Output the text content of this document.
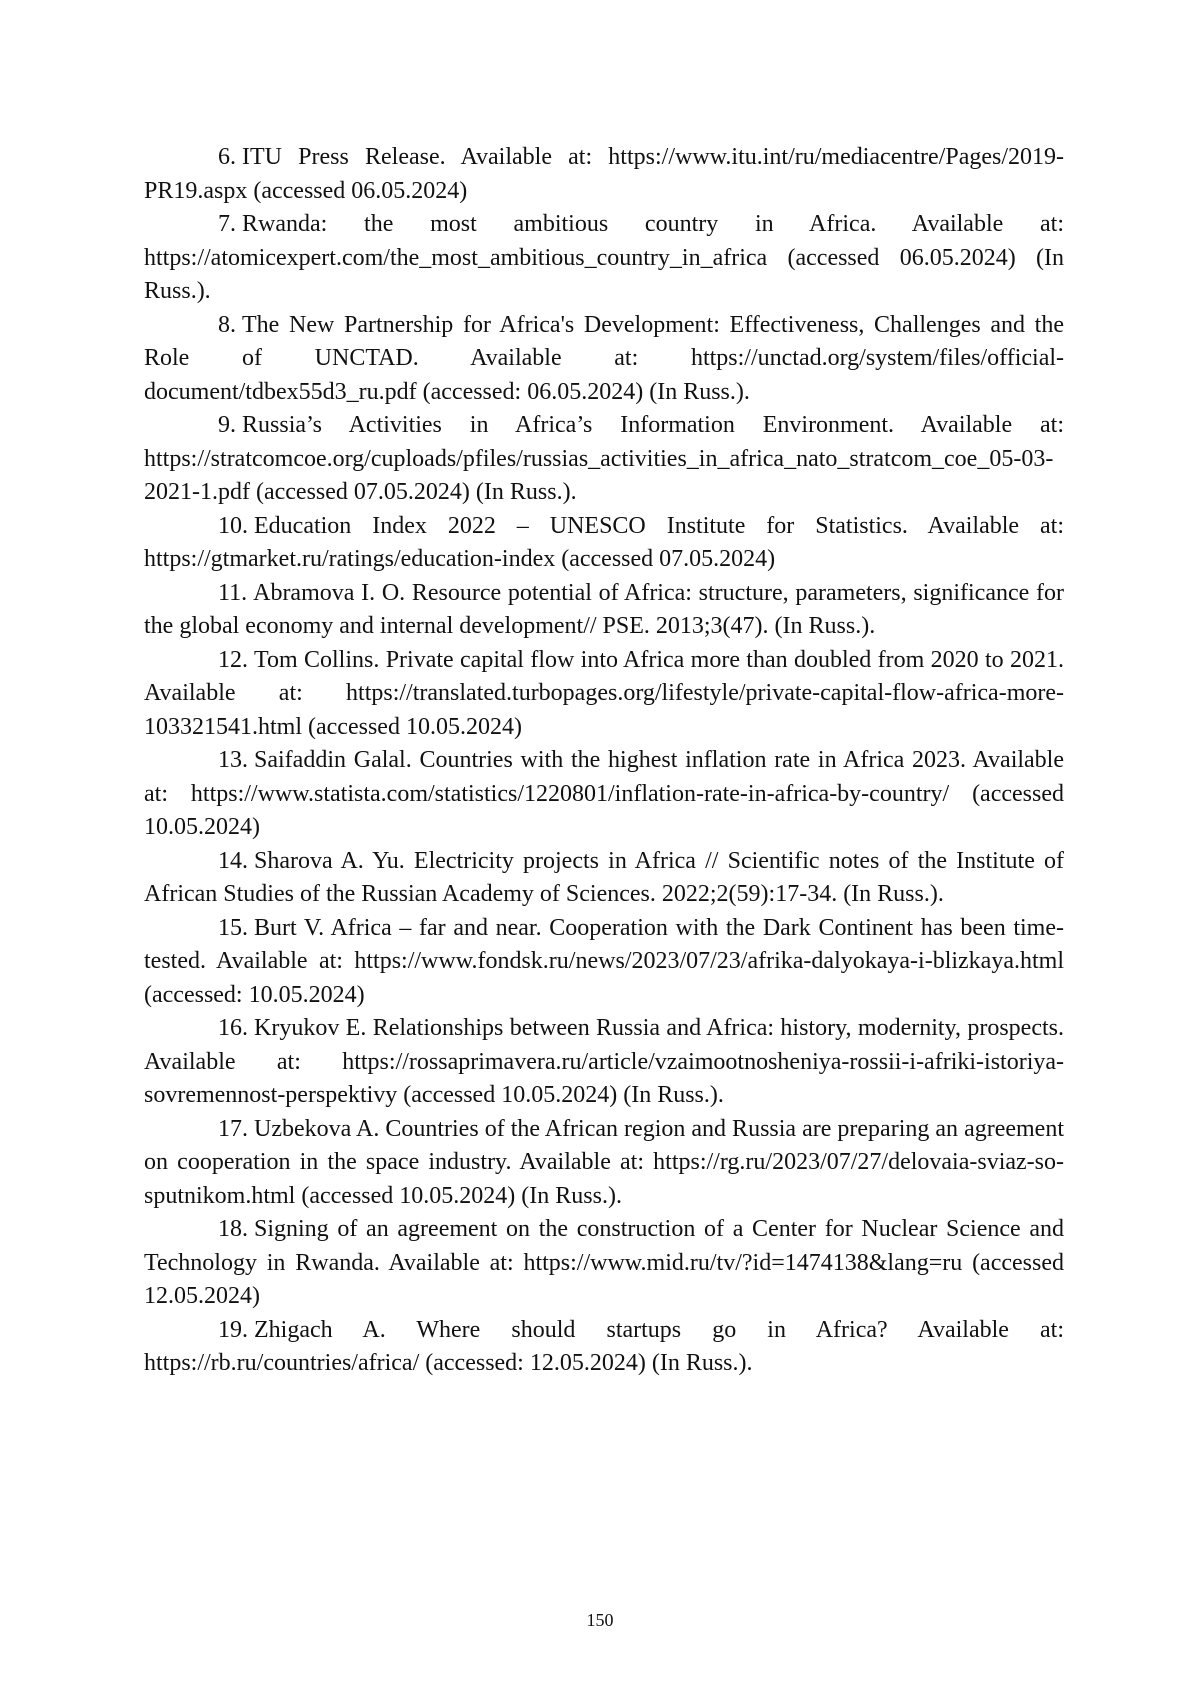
6. ITU Press Release. Available at: https://www.itu.int/ru/mediacentre/Pages/2019-PR19.aspx (accessed 06.05.2024)
7. Rwanda: the most ambitious country in Africa. Available at: https://atomicexpert.com/the_most_ambitious_country_in_africa (accessed 06.05.2024) (In Russ.).
8. The New Partnership for Africa's Development: Effectiveness, Challenges and the Role of UNCTAD. Available at: https://unctad.org/system/files/official-document/tdbex55d3_ru.pdf (accessed: 06.05.2024) (In Russ.).
9. Russia’s Activities in Africa’s Information Environment. Available at: https://stratcomcoe.org/cuploads/pfiles/russias_activities_in_africa_nato_stratcom_coe_05-03-2021-1.pdf (accessed 07.05.2024) (In Russ.).
10. Education Index 2022 – UNESCO Institute for Statistics. Available at: https://gtmarket.ru/ratings/education-index (accessed 07.05.2024)
11. Abramova I. O. Resource potential of Africa: structure, parameters, significance for the global economy and internal development// PSE. 2013;3(47). (In Russ.).
12. Tom Collins. Private capital flow into Africa more than doubled from 2020 to 2021. Available at: https://translated.turbopages.org/lifestyle/private-capital-flow-africa-more-103321541.html (accessed 10.05.2024)
13. Saifaddin Galal. Countries with the highest inflation rate in Africa 2023. Available at: https://www.statista.com/statistics/1220801/inflation-rate-in-africa-by-country/ (accessed 10.05.2024)
14. Sharova A. Yu. Electricity projects in Africa // Scientific notes of the Institute of African Studies of the Russian Academy of Sciences. 2022;2(59):17-34. (In Russ.).
15. Burt V. Africa – far and near. Cooperation with the Dark Continent has been time-tested. Available at: https://www.fondsk.ru/news/2023/07/23/afrika-dalyokaya-i-blizkaya.html (accessed: 10.05.2024)
16. Kryukov E. Relationships between Russia and Africa: history, modernity, prospects. Available at: https://rossaprimavera.ru/article/vzaimootnosheniya-rossii-i-afriki-istoriya-sovremennost-perspektivy (accessed 10.05.2024) (In Russ.).
17. Uzbekova A. Countries of the African region and Russia are preparing an agreement on cooperation in the space industry. Available at: https://rg.ru/2023/07/27/delovaia-sviaz-so-sputnikom.html (accessed 10.05.2024) (In Russ.).
18. Signing of an agreement on the construction of a Center for Nuclear Science and Technology in Rwanda. Available at: https://www.mid.ru/tv/?id=1474138&lang=ru (accessed 12.05.2024)
19. Zhigach A. Where should startups go in Africa? Available at: https://rb.ru/countries/africa/ (accessed: 12.05.2024) (In Russ.).
150
